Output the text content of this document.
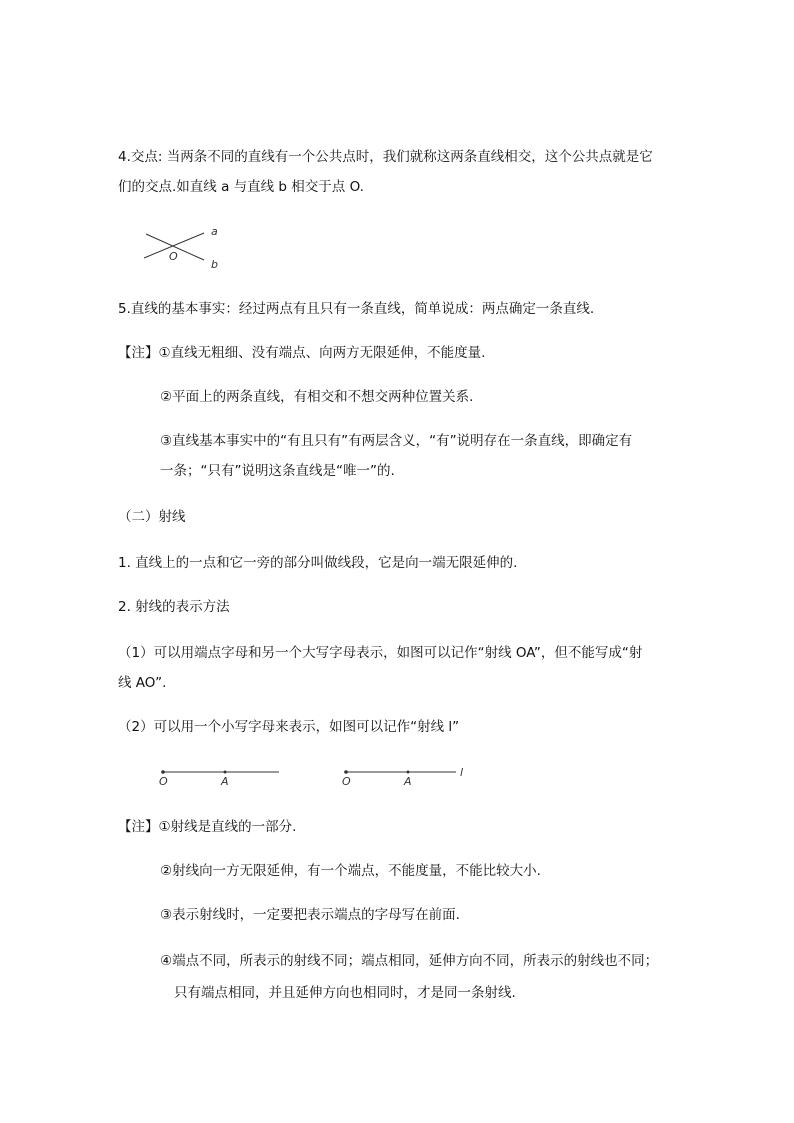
4.交点: 当两条不同的直线有一个公共点时，我们就称这两条直线相交，这个公共点就是它
们的交点.如直线 a 与直线 b 相交于点 O.
a
b
O
5.直线的基本事实：经过两点有且只有一条直线，简单说成：两点确定一条直线.
【注】①直线无粗细、没有端点、向两方无限延伸，不能度量.
②平面上的两条直线，有相交和不想交两种位置关系.
③直线基本事实中的“有且只有”有两层含义，“有”说明存在一条直线，即确定有
一条；“只有”说明这条直线是“唯一”的.
（二）射线
1. 直线上的一点和它一旁的部分叫做线段，它是向一端无限延伸的.
2. 射线的表示方法
（1）可以用端点字母和另一个大写字母表示，如图可以记作“射线 OA”，但不能写成“射
线 AO”.
（2）可以用一个小写字母来表示，如图可以记作“射线 l”
O	A	O	A
l
【注】①射线是直线的一部分.
②射线向一方无限延伸，有一个端点，不能度量，不能比较大小.
③表示射线时，一定要把表示端点的字母写在前面.
④端点不同，所表示的射线不同；端点相同，延伸方向不同，所表示的射线也不同；
只有端点相同，并且延伸方向也相同时，才是同一条射线.
